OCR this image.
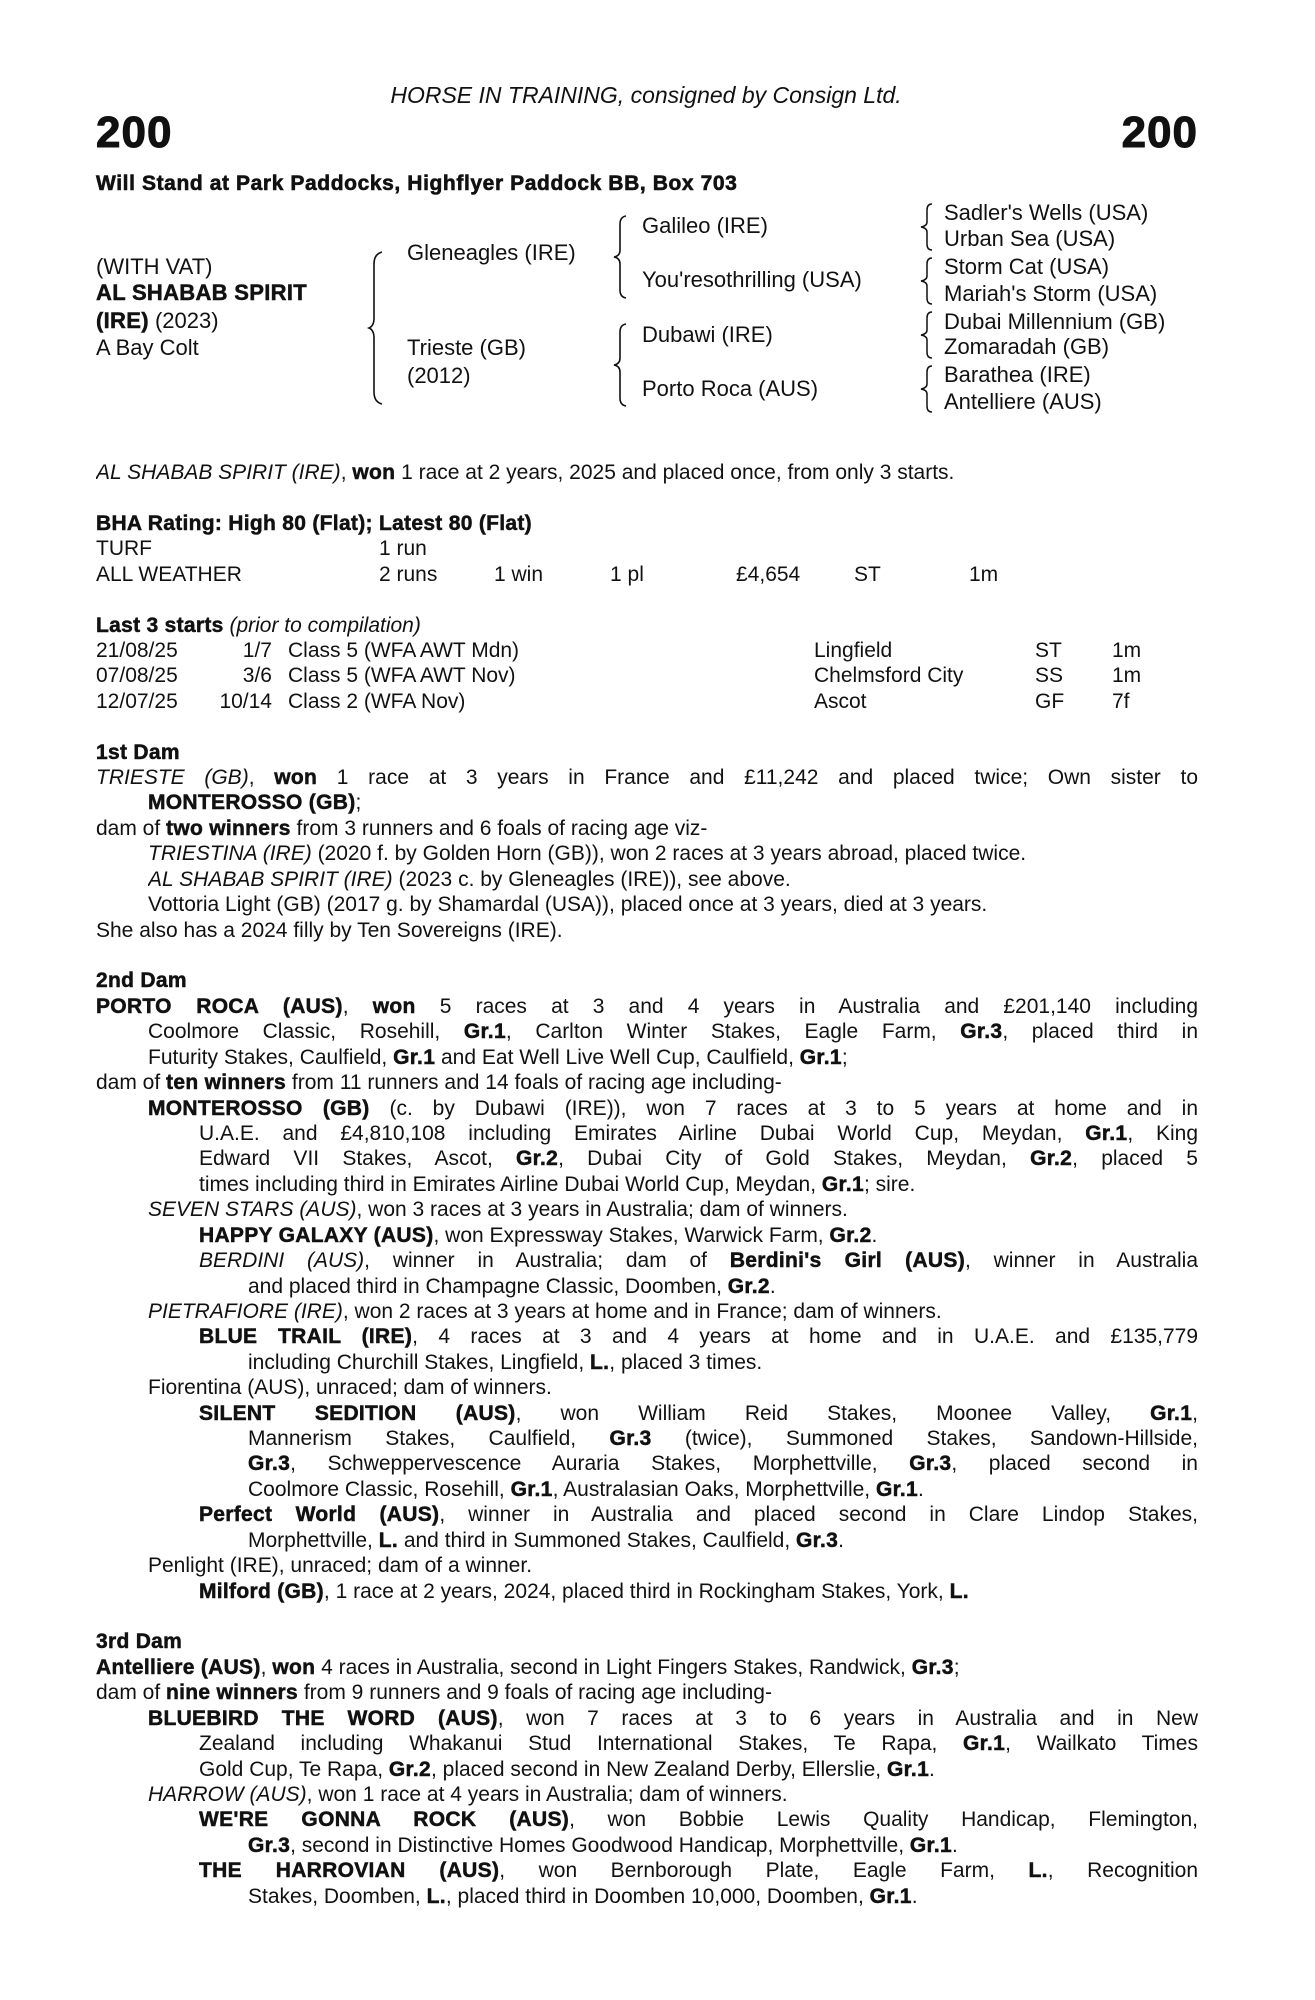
HORSE IN TRAINING, consigned by Consign Ltd.
200	200
Will Stand at Park Paddocks, Highflyer Paddock BB, Box 703
(WITH VAT)
AL SHABAB SPIRIT
(IRE) (2023)
A Bay Colt
Gleneagles (IRE)
Trieste (GB)
(2012)
Galileo (IRE)
You'resothrilling (USA)
Dubawi (IRE)
Porto Roca (AUS)
Sadler's Wells (USA)
Urban Sea (USA)
Storm Cat (USA)
Mariah's Storm (USA)
Dubai Millennium (GB)
Zomaradah (GB)
Barathea (IRE)
Antelliere (AUS)
AL SHABAB SPIRIT (IRE), won 1 race at 2 years, 2025 and placed once, from only 3 starts.
BHA Rating: High 80 (Flat); Latest 80 (Flat)
TURF	1 run
ALL WEATHER	2 runs	1 win	1 pl	£4,654	ST	1m
Last 3 starts (prior to compilation)
21/08/25	1/7 Class 5 (WFA AWT Mdn)	Lingfield	ST 1m
07/08/25	3/6 Class 5 (WFA AWT Nov)	Chelmsford City	SS 1m
12/07/25 10/14 Class 2 (WFA Nov)	Ascot	GF 7f
1st Dam
TRIESTE (GB), won 1 race at 3 years in France and £11,242 and placed twice; Own sister to
MONTEROSSO (GB);
dam of two winners from 3 runners and 6 foals of racing age viz-
TRIESTINA (IRE) (2020 f. by Golden Horn (GB)), won 2 races at 3 years abroad, placed twice.
AL SHABAB SPIRIT (IRE) (2023 c. by Gleneagles (IRE)), see above.
Vottoria Light (GB) (2017 g. by Shamardal (USA)), placed once at 3 years, died at 3 years.
She also has a 2024 filly by Ten Sovereigns (IRE).
2nd Dam
PORTO ROCA (AUS), won 5 races at 3 and 4 years in Australia and £201,140 including
Coolmore Classic, Rosehill, Gr.1, Carlton Winter Stakes, Eagle Farm, Gr.3, placed third in
Futurity Stakes, Caulfield, Gr.1 and Eat Well Live Well Cup, Caulfield, Gr.1;
dam of ten winners from 11 runners and 14 foals of racing age including-
MONTEROSSO (GB) (c. by Dubawi (IRE)), won 7 races at 3 to 5 years at home and in
U.A.E. and £4,810,108 including Emirates Airline Dubai World Cup, Meydan, Gr.1, King
Edward VII Stakes, Ascot, Gr.2, Dubai City of Gold Stakes, Meydan, Gr.2, placed 5
times including third in Emirates Airline Dubai World Cup, Meydan, Gr.1; sire.
SEVEN STARS (AUS), won 3 races at 3 years in Australia; dam of winners.
HAPPY GALAXY (AUS), won Expressway Stakes, Warwick Farm, Gr.2.
BERDINI (AUS), winner in Australia; dam of Berdini's Girl (AUS), winner in Australia
and placed third in Champagne Classic, Doomben, Gr.2.
PIETRAFIORE (IRE), won 2 races at 3 years at home and in France; dam of winners.
BLUE TRAIL (IRE), 4 races at 3 and 4 years at home and in U.A.E. and £135,779
including Churchill Stakes, Lingfield, L., placed 3 times.
Fiorentina (AUS), unraced; dam of winners.
SILENT SEDITION (AUS), won William Reid Stakes, Moonee Valley, Gr.1,
Mannerism Stakes, Caulfield, Gr.3 (twice), Summoned Stakes, Sandown-Hillside,
Gr.3, Schweppervescence Auraria Stakes, Morphettville, Gr.3, placed second in
Coolmore Classic, Rosehill, Gr.1, Australasian Oaks, Morphettville, Gr.1.
Perfect World (AUS), winner in Australia and placed second in Clare Lindop Stakes,
Morphettville, L. and third in Summoned Stakes, Caulfield, Gr.3.
Penlight (IRE), unraced; dam of a winner.
Milford (GB), 1 race at 2 years, 2024, placed third in Rockingham Stakes, York, L.
3rd Dam
Antelliere (AUS), won 4 races in Australia, second in Light Fingers Stakes, Randwick, Gr.3;
dam of nine winners from 9 runners and 9 foals of racing age including-
BLUEBIRD THE WORD (AUS), won 7 races at 3 to 6 years in Australia and in New
Zealand including Whakanui Stud International Stakes, Te Rapa, Gr.1, Wailkato Times
Gold Cup, Te Rapa, Gr.2, placed second in New Zealand Derby, Ellerslie, Gr.1.
HARROW (AUS), won 1 race at 4 years in Australia; dam of winners.
WE'RE GONNA ROCK (AUS), won Bobbie Lewis Quality Handicap, Flemington,
Gr.3, second in Distinctive Homes Goodwood Handicap, Morphettville, Gr.1.
THE HARROVIAN (AUS), won Bernborough Plate, Eagle Farm, L., Recognition
Stakes, Doomben, L., placed third in Doomben 10,000, Doomben, Gr.1.
